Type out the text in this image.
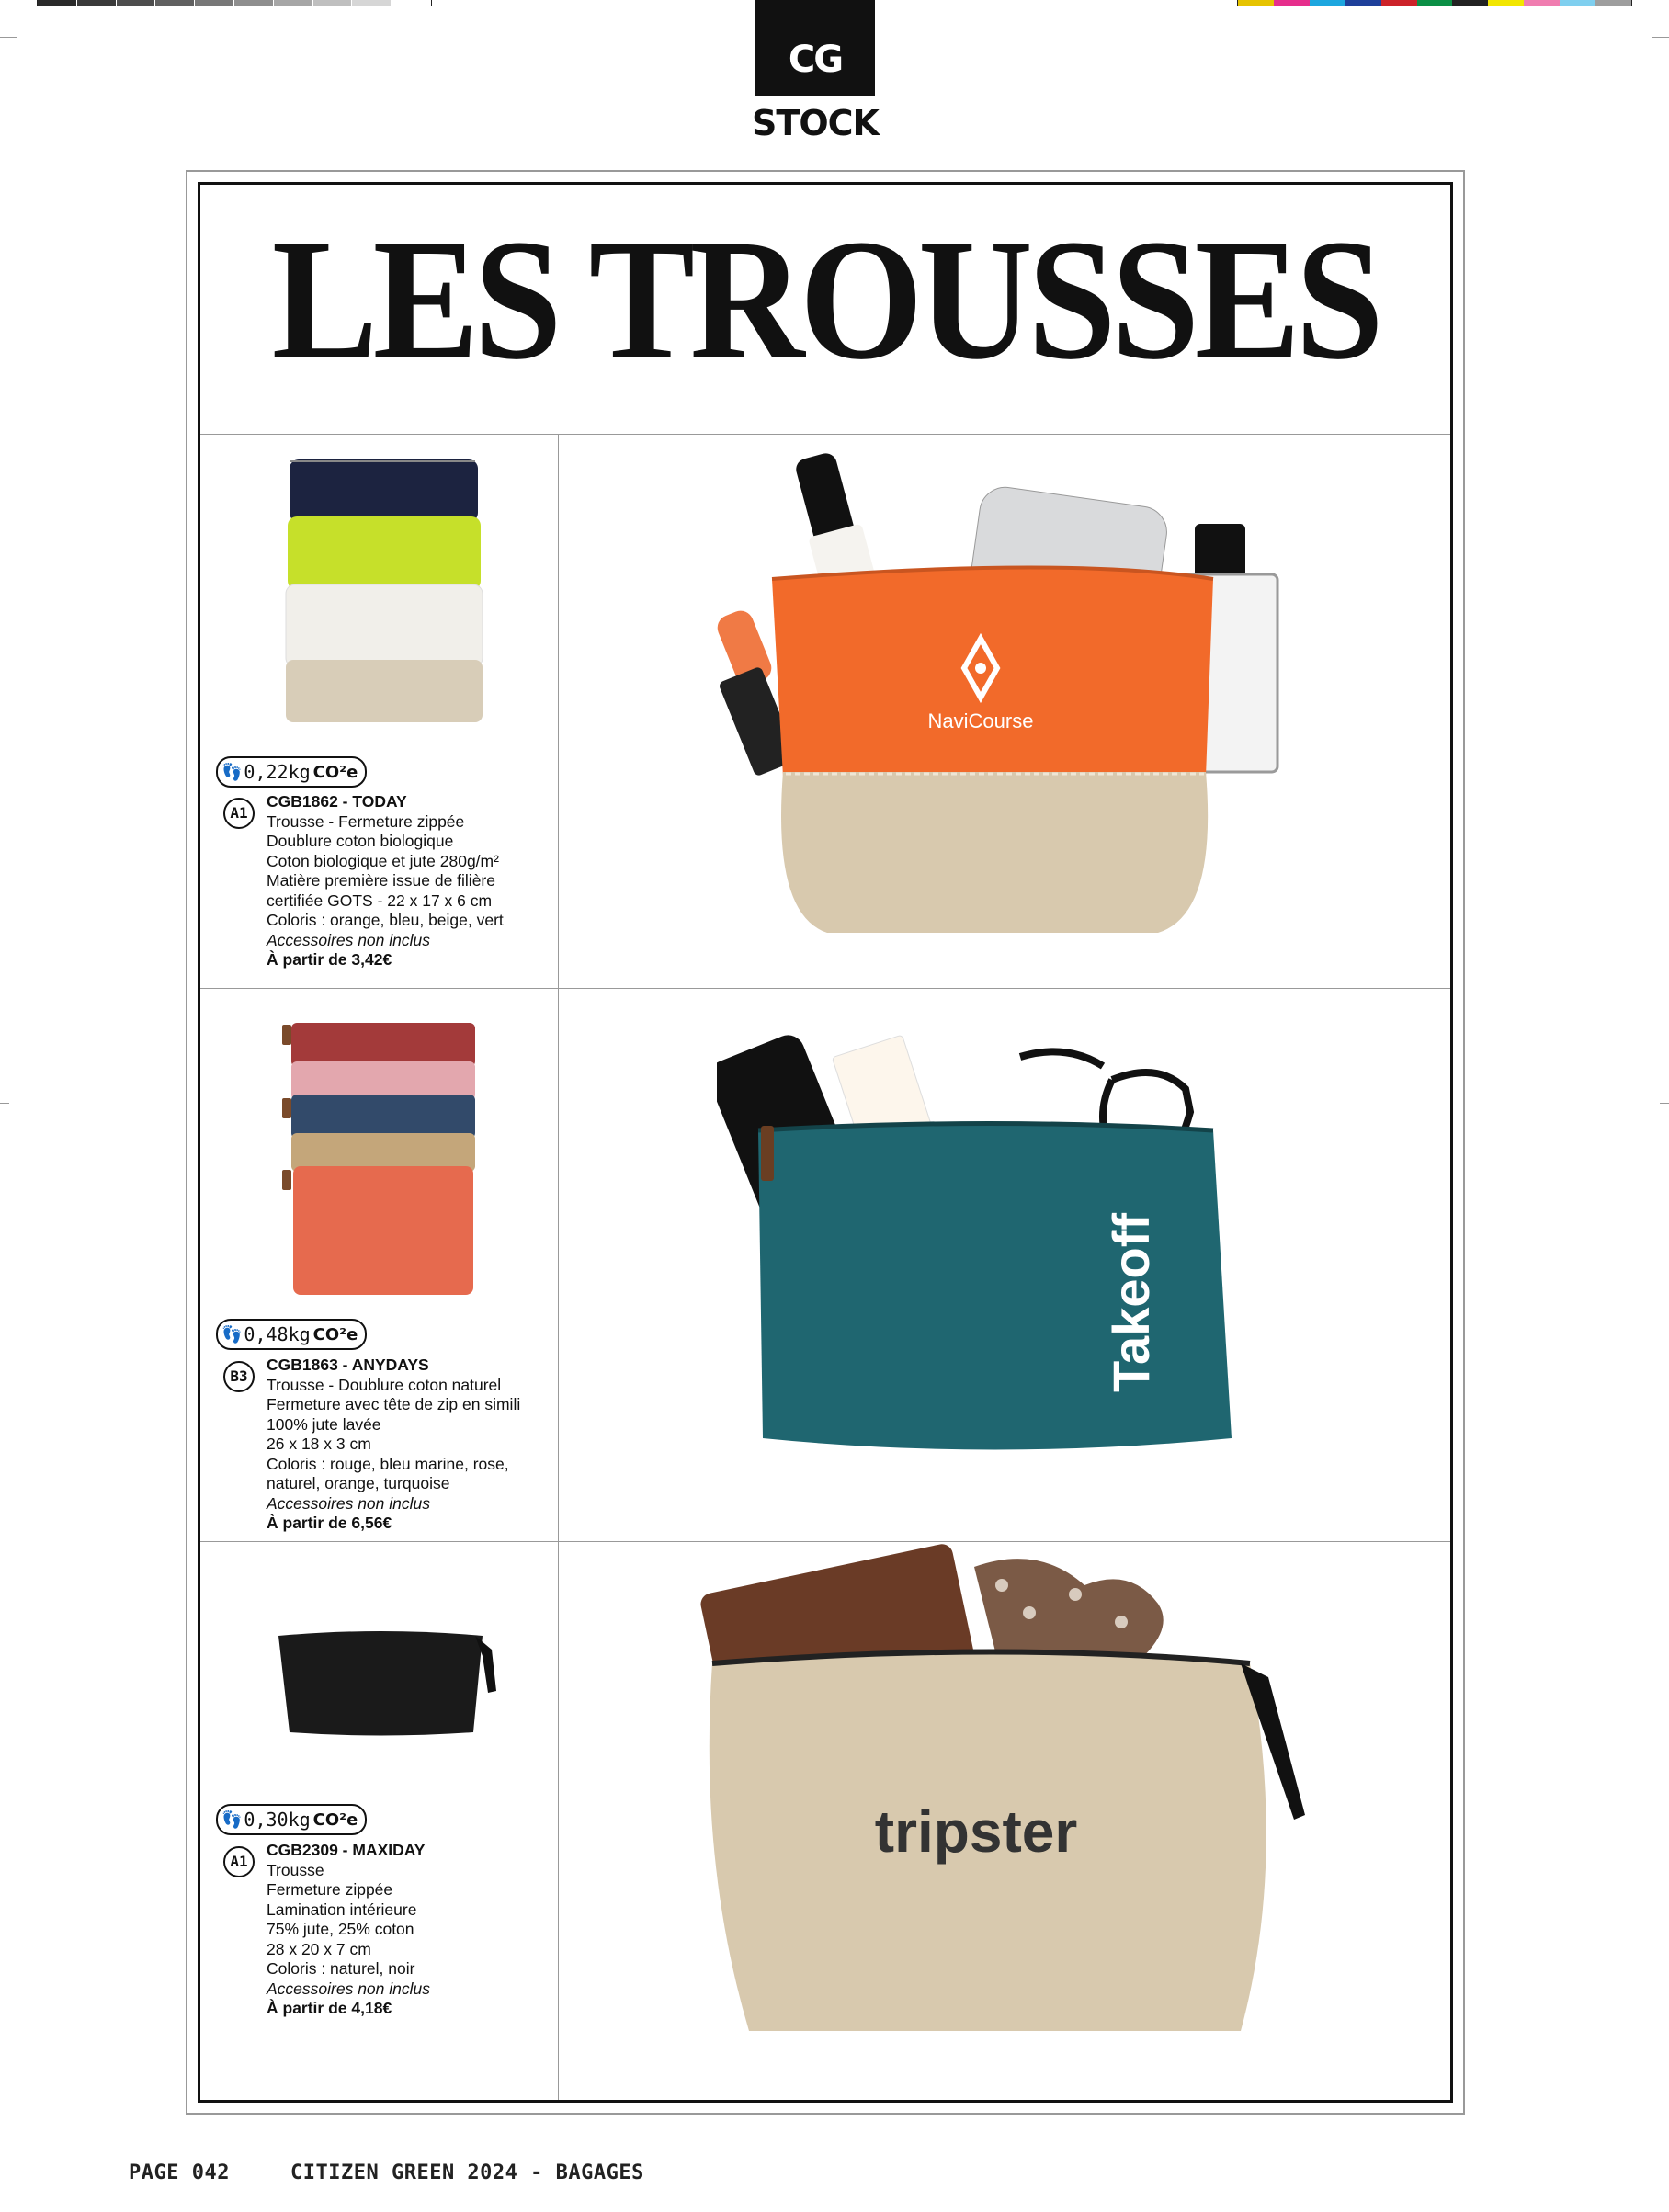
CG
STOCK
LES TROUSSES
NaviCourse
👣 0,22kg CO²e
A1
CGB1862 - TODAY
Trousse - Fermeture zippée
Doublure coton biologique
Coton biologique et jute 280g/m²
Matière première issue de filière
certifiée GOTS - 22 x 17 x 6 cm
Coloris : orange, bleu, beige, vert
Accessoires non inclus
À partir de 3,42€
Takeoff
👣 0,48kg CO²e
B3
CGB1863 - ANYDAYS
Trousse - Doublure coton naturel
Fermeture avec tête de zip en simili
100% jute lavée
26 x 18 x 3 cm
Coloris : rouge, bleu marine, rose,
naturel, orange, turquoise
Accessoires non inclus
À partir de 6,56€
tripster
👣 0,30kg CO²e
A1
CGB2309 - MAXIDAY
Trousse
Fermeture zippée
Lamination intérieure
75% jute, 25% coton
28 x 20 x 7 cm
Coloris : naturel, noir
Accessoires non inclus
À partir de 4,18€
PAGE 042	CITIZEN GREEN 2024 - BAGAGES
